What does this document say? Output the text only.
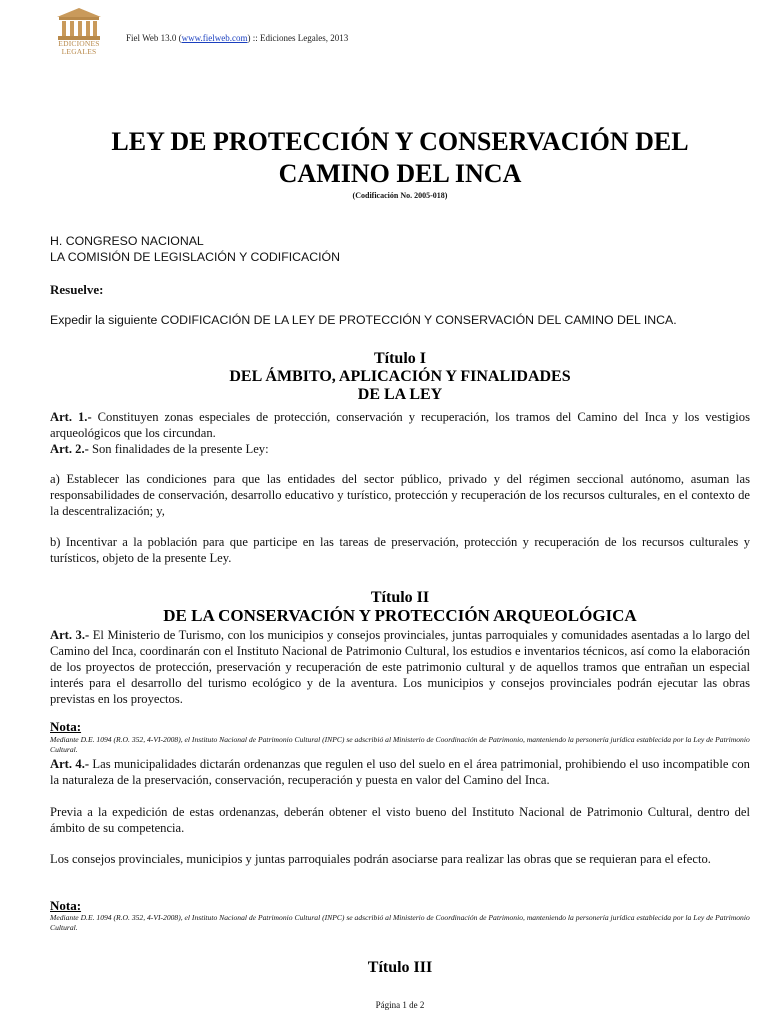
EDICIONES
LEGALES
Fiel Web 13.0 (www.fielweb.com) :: Ediciones Legales, 2013
LEY DE PROTECCIÓN Y CONSERVACIÓN DEL
CAMINO DEL INCA
(Codificación No. 2005-018)
H. CONGRESO NACIONAL
LA COMISIÓN DE LEGISLACIÓN Y CODIFICACIÓN
Resuelve:
Expedir la siguiente CODIFICACIÓN DE LA LEY DE PROTECCIÓN Y CONSERVACIÓN DEL CAMINO DEL INCA.
Título I
DEL ÁMBITO, APLICACIÓN Y FINALIDADES
DE LA LEY
Art. 1.- Constituyen zonas especiales de protección, conservación y recuperación, los tramos del Camino del Inca y los vestigios arqueológicos que los circundan.
Art. 2.- Son finalidades de la presente Ley:
a) Establecer las condiciones para que las entidades del sector público, privado y del régimen seccional autónomo, asuman las responsabilidades de conservación, desarrollo educativo y turístico, protección y recuperación de los recursos culturales, en el contexto de la descentralización; y,
b) Incentivar a la población para que participe en las tareas de preservación, protección y recuperación de los recursos culturales y turísticos, objeto de la presente Ley.
Título II
DE LA CONSERVACIÓN Y PROTECCIÓN ARQUEOLÓGICA
Art. 3.- El Ministerio de Turismo, con los municipios y consejos provinciales, juntas parroquiales y comunidades asentadas a lo largo del Camino del Inca, coordinarán con el Instituto Nacional de Patrimonio Cultural, los estudios e inventarios técnicos, así como la elaboración de los proyectos de protección, preservación y recuperación de este patrimonio cultural y de aquellos tramos que entrañan un especial interés para el desarrollo del turismo ecológico y de la aventura. Los municipios y consejos provinciales podrán ejecutar las obras previstas en los proyectos.
Nota:
Mediante D.E. 1094 (R.O. 352, 4-VI-2008), el Instituto Nacional de Patrimonio Cultural (INPC) se adscribió al Ministerio de Coordinación de Patrimonio, manteniendo la personería jurídica establecida por la Ley de Patrimonio Cultural.
Art. 4.- Las municipalidades dictarán ordenanzas que regulen el uso del suelo en el área patrimonial, prohibiendo el uso incompatible con la naturaleza de la preservación, conservación, recuperación y puesta en valor del Camino del Inca.
Previa a la expedición de estas ordenanzas, deberán obtener el visto bueno del Instituto Nacional de Patrimonio Cultural, dentro del ámbito de su competencia.
Los consejos provinciales, municipios y juntas parroquiales podrán asociarse para realizar las obras que se requieran para el efecto.
Nota:
Mediante D.E. 1094 (R.O. 352, 4-VI-2008), el Instituto Nacional de Patrimonio Cultural (INPC) se adscribió al Ministerio de Coordinación de Patrimonio, manteniendo la personería jurídica establecida por la Ley de Patrimonio Cultural.
Título III
Página 1 de 2
